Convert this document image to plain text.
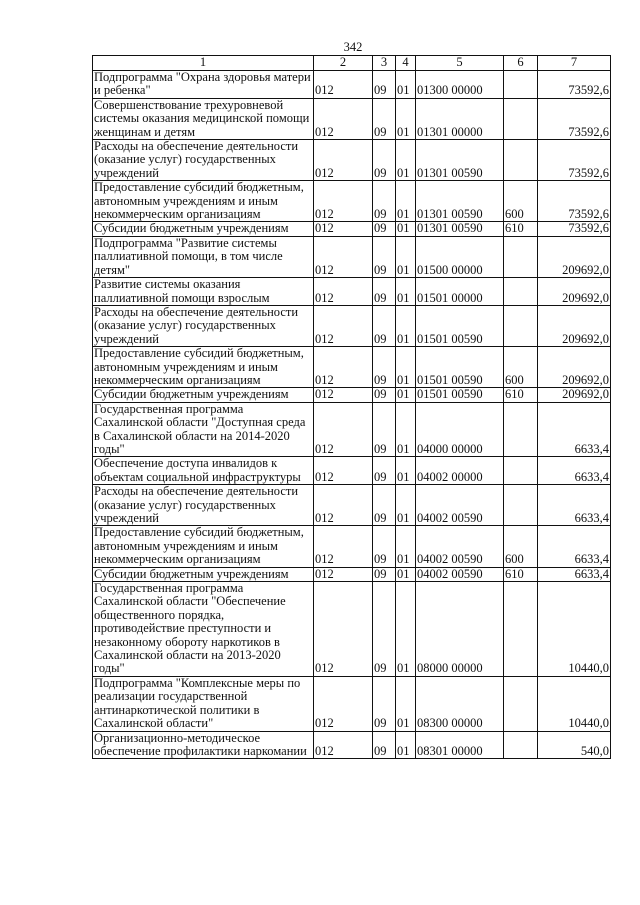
342
1	2	3	4	5	6	7
Подпрограмма "Охрана здоровья матери и ребенка"	012	09	01	01300 00000		73592,6
Совершенствование трехуровневой системы оказания медицинской помощи женщинам и детям	012	09	01	01301 00000		73592,6
Расходы на обеспечение деятельности (оказание услуг) государственных учреждений	012	09	01	01301 00590		73592,6
Предоставление субсидий бюджетным, автономным учреждениям и иным некоммерческим организациям	012	09	01	01301 00590	600	73592,6
Субсидии бюджетным учреждениям	012	09	01	01301 00590	610	73592,6
Подпрограмма "Развитие системы паллиативной помощи, в том числе детям"	012	09	01	01500 00000		209692,0
Развитие системы оказания паллиативной помощи взрослым	012	09	01	01501 00000		209692,0
Расходы на обеспечение деятельности (оказание услуг) государственных учреждений	012	09	01	01501 00590		209692,0
Предоставление субсидий бюджетным, автономным учреждениям и иным некоммерческим организациям	012	09	01	01501 00590	600	209692,0
Субсидии бюджетным учреждениям	012	09	01	01501 00590	610	209692,0
Государственная программа Сахалинской области "Доступная среда в Сахалинской области на 2014-2020 годы"	012	09	01	04000 00000		6633,4
Обеспечение доступа инвалидов к объектам социальной инфраструктуры	012	09	01	04002 00000		6633,4
Расходы на обеспечение деятельности (оказание услуг) государственных учреждений	012	09	01	04002 00590		6633,4
Предоставление субсидий бюджетным, автономным учреждениям и иным некоммерческим организациям	012	09	01	04002 00590	600	6633,4
Субсидии бюджетным учреждениям	012	09	01	04002 00590	610	6633,4
Государственная программа Сахалинской области "Обеспечение общественного порядка, противодействие преступности и незаконному обороту наркотиков в Сахалинской области на 2013-2020 годы"	012	09	01	08000 00000		10440,0
Подпрограмма "Комплексные меры по реализации государственной антинаркотической политики в Сахалинской области"	012	09	01	08300 00000		10440,0
Организационно-методическое обеспечение профилактики наркомании	012	09	01	08301 00000		540,0
